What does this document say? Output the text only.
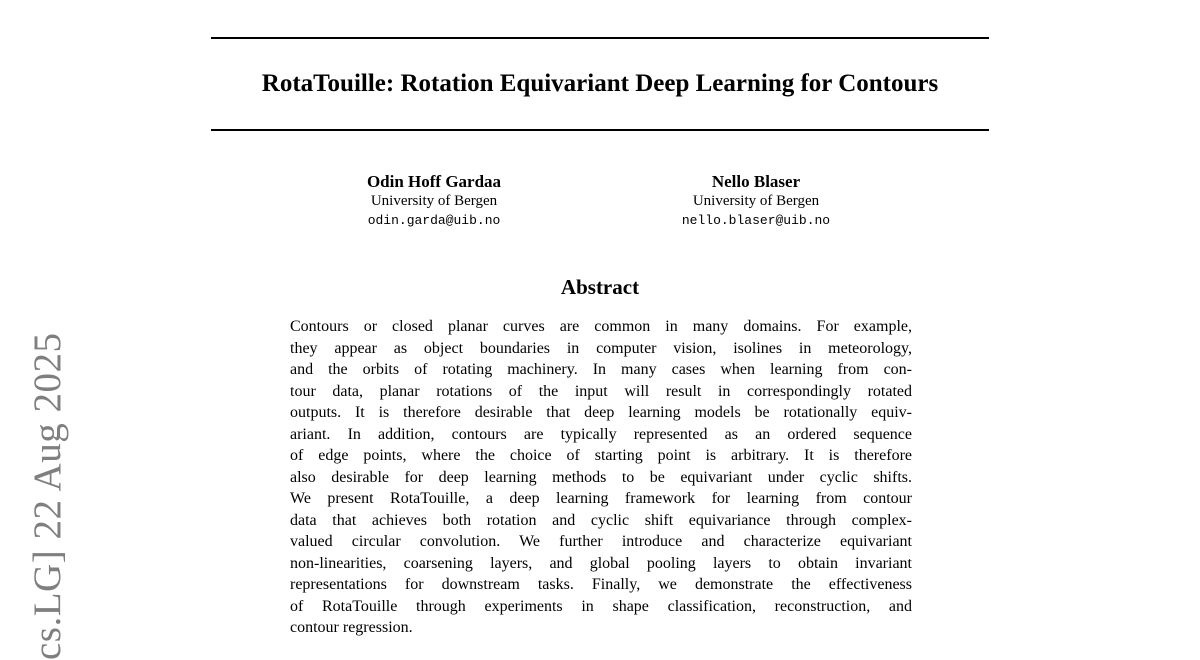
RotaTouille: Rotation Equivariant Deep Learning for Contours
Odin Hoff Gardaa
University of Bergen
odin.garda@uib.no
Nello Blaser
University of Bergen
nello.blaser@uib.no
Abstract
Contours or closed planar curves are common in many domains. For example,
they appear as object boundaries in computer vision, isolines in meteorology,
and the orbits of rotating machinery. In many cases when learning from con-
tour data, planar rotations of the input will result in correspondingly rotated
outputs. It is therefore desirable that deep learning models be rotationally equiv-
ariant. In addition, contours are typically represented as an ordered sequence
of edge points, where the choice of starting point is arbitrary. It is therefore
also desirable for deep learning methods to be equivariant under cyclic shifts.
We present RotaTouille, a deep learning framework for learning from contour
data that achieves both rotation and cyclic shift equivariance through complex-
valued circular convolution. We further introduce and characterize equivariant
non-linearities, coarsening layers, and global pooling layers to obtain invariant
representations for downstream tasks. Finally, we demonstrate the effectiveness
of RotaTouille through experiments in shape classification, reconstruction, and
contour regression.
cs.LG] 22 Aug 2025
